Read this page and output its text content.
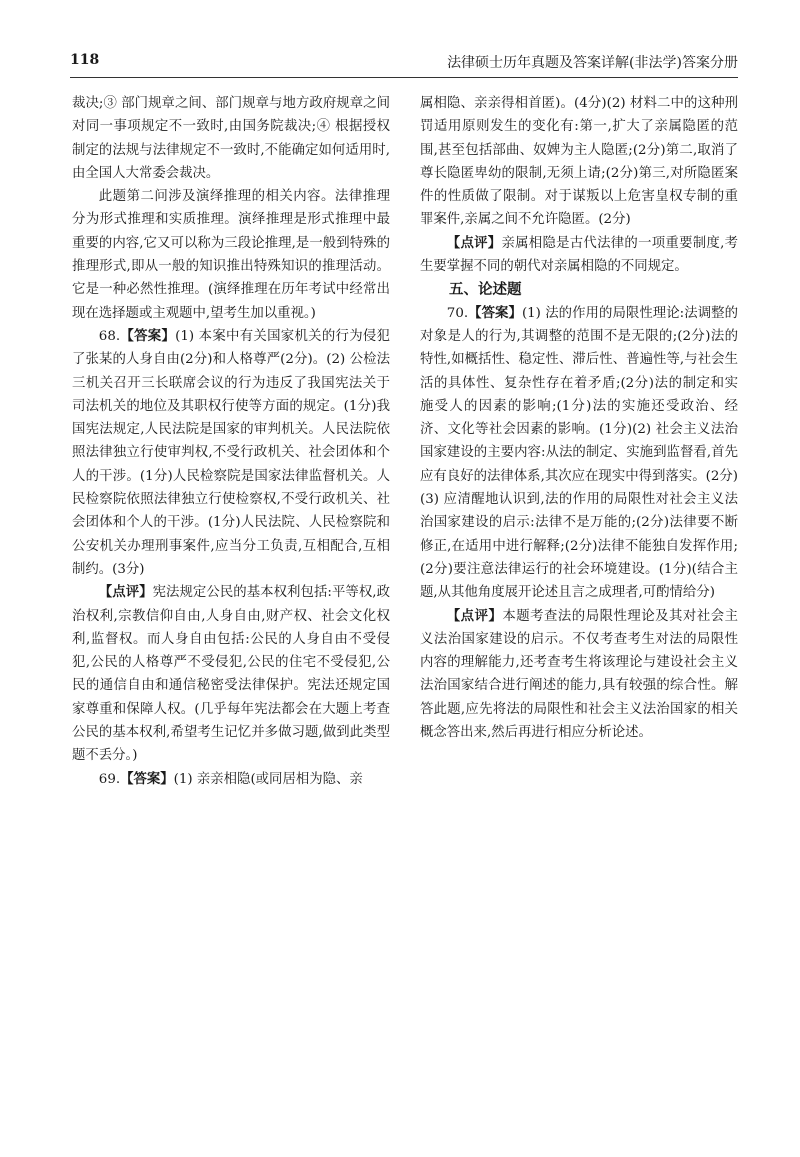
118	法律硕士历年真题及答案详解(非法学)答案分册

裁决;③ 部门规章之间、部门规章与地方政府规章之间对同一事项规定不一致时,由国务院裁决;④ 根据授权制定的法规与法律规定不一致时,不能确定如何适用时,由全国人大常委会裁决。

此题第二问涉及演绎推理的相关内容。法律推理分为形式推理和实质推理。演绎推理是形式推理中最重要的内容,它又可以称为三段论推理,是一般到特殊的推理形式,即从一般的知识推出特殊知识的推理活动。它是一种必然性推理。(演绎推理在历年考试中经常出现在选择题或主观题中,望考生加以重视。)

68.【答案】(1) 本案中有关国家机关的行为侵犯了张某的人身自由(2分)和人格尊严(2分)。(2) 公检法三机关召开三长联席会议的行为违反了我国宪法关于司法机关的地位及其职权行使等方面的规定。(1分)我国宪法规定,人民法院是国家的审判机关。人民法院依照法律独立行使审判权,不受行政机关、社会团体和个人的干涉。(1分)人民检察院是国家法律监督机关。人民检察院依照法律独立行使检察权,不受行政机关、社会团体和个人的干涉。(1分)人民法院、人民检察院和公安机关办理刑事案件,应当分工负责,互相配合,互相制约。(3分)

【点评】宪法规定公民的基本权利包括:平等权,政治权利,宗教信仰自由,人身自由,财产权、社会文化权利,监督权。而人身自由包括:公民的人身自由不受侵犯,公民的人格尊严不受侵犯,公民的住宅不受侵犯,公民的通信自由和通信秘密受法律保护。宪法还规定国家尊重和保障人权。(几乎每年宪法都会在大题上考查公民的基本权利,希望考生记忆并多做习题,做到此类型题不丢分。)

69.【答案】(1) 亲亲相隐(或同居相为隐、亲

属相隐、亲亲得相首匿)。(4分)(2) 材料二中的这种刑罚适用原则发生的变化有:第一,扩大了亲属隐匿的范围,甚至包括部曲、奴婢为主人隐匿;(2分)第二,取消了尊长隐匿卑幼的限制,无须上请;(2分)第三,对所隐匿案件的性质做了限制。对于谋叛以上危害皇权专制的重罪案件,亲属之间不允许隐匿。(2分)

【点评】亲属相隐是古代法律的一项重要制度,考生要掌握不同的朝代对亲属相隐的不同规定。

五、论述题

70.【答案】(1) 法的作用的局限性理论:法调整的对象是人的行为,其调整的范围不是无限的;(2分)法的特性,如概括性、稳定性、滞后性、普遍性等,与社会生活的具体性、复杂性存在着矛盾;(2分)法的制定和实施受人的因素的影响;(1分)法的实施还受政治、经济、文化等社会因素的影响。(1分)(2) 社会主义法治国家建设的主要内容:从法的制定、实施到监督看,首先应有良好的法律体系,其次应在现实中得到落实。(2分)(3) 应清醒地认识到,法的作用的局限性对社会主义法治国家建设的启示:法律不是万能的;(2分)法律要不断修正,在适用中进行解释;(2分)法律不能独自发挥作用;(2分)要注意法律运行的社会环境建设。(1分)(结合主题,从其他角度展开论述且言之成理者,可酌情给分)

【点评】本题考查法的局限性理论及其对社会主义法治国家建设的启示。不仅考查考生对法的局限性内容的理解能力,还考查考生将该理论与建设社会主义法治国家结合进行阐述的能力,具有较强的综合性。解答此题,应先将法的局限性和社会主义法治国家的相关概念答出来,然后再进行相应分析论述。
